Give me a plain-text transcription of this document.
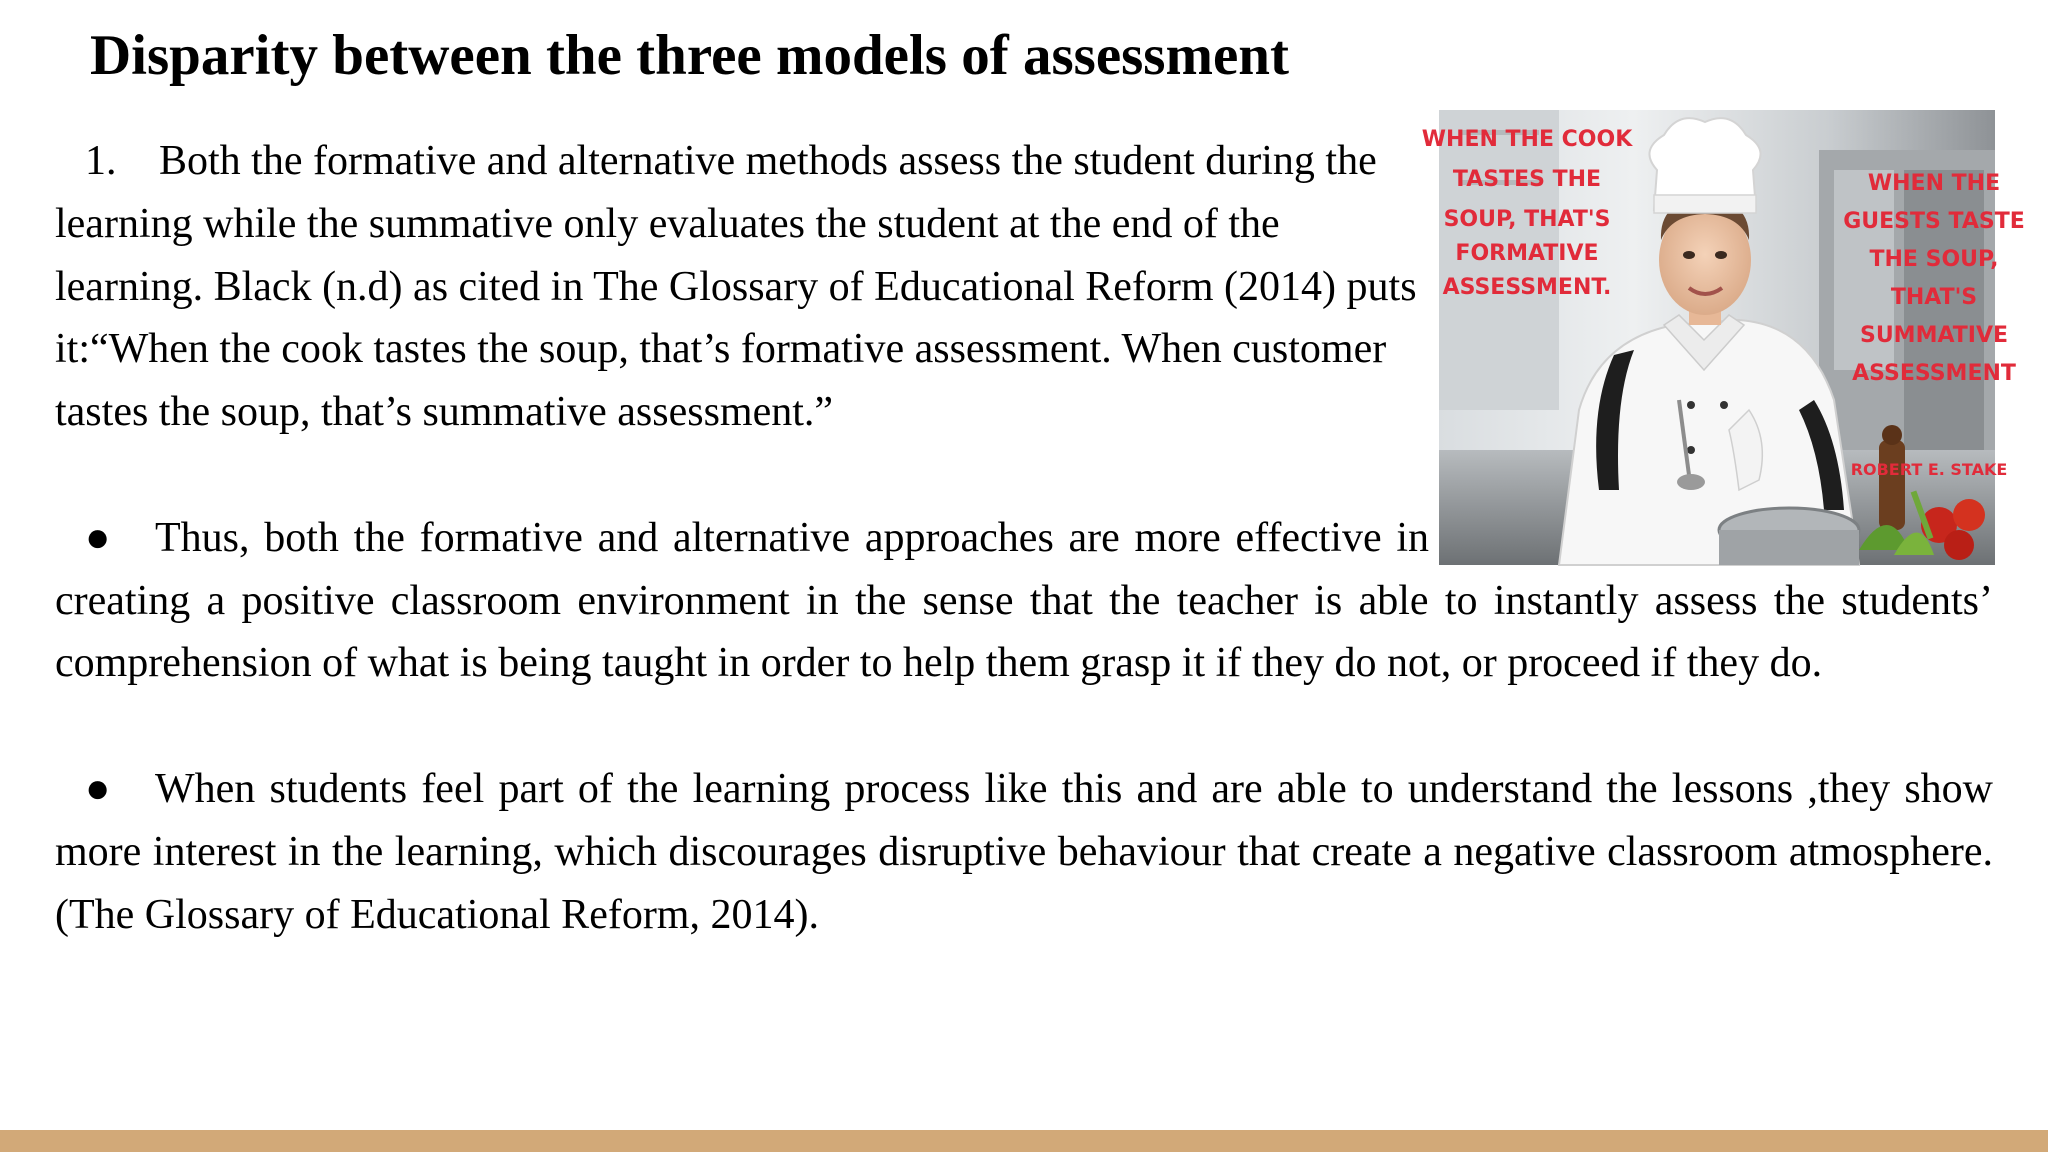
Disparity between the three models of assessment
WHEN THE COOK
TASTES THE
SOUP, THAT'S
FORMATIVE
ASSESSMENT.
WHEN THE
GUESTS TASTE
THE SOUP,
THAT'S
SUMMATIVE
ASSESSMENT
ROBERT E. STAKE

1. Both the formative and alternative methods assess the student during the learning while the summative only evaluates the student at the end of the learning. Black (n.d) as cited in The Glossary of Educational Reform (2014) puts it:“When the cook tastes the soup, that’s formative assessment. When customer tastes the soup, that’s summative assessment.”

● Thus, both the formative and alternative approaches are more effective in creating a positive classroom environment in the sense that the teacher is able to instantly assess the students’ comprehension of what is being taught in order to help them grasp it if they do not, or proceed if they do.

● When students feel part of the learning process like this and are able to understand the lessons ,they show more interest in the learning, which discourages disruptive behaviour that create a negative classroom atmosphere. (The Glossary of Educational Reform, 2014).
